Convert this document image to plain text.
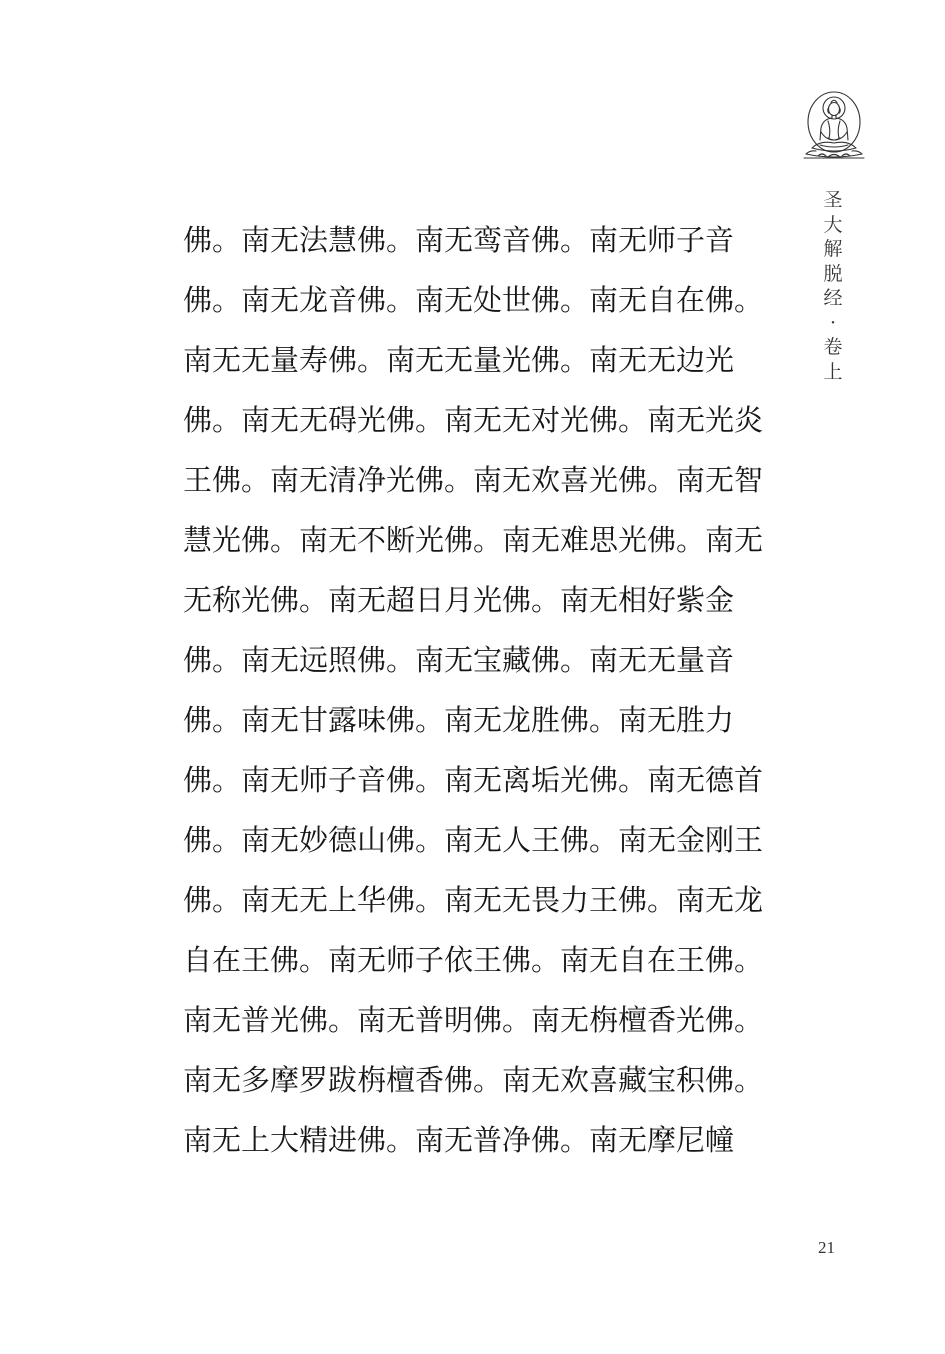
圣
大
解
脱
经
·
卷
上
佛。南无法慧佛。南无鸾音佛。南无师子音
佛。南无龙音佛。南无处世佛。南无自在佛。
南无无量寿佛。南无无量光佛。南无无边光
佛。南无无碍光佛。南无无对光佛。南无光炎
王佛。南无清净光佛。南无欢喜光佛。南无智
慧光佛。南无不断光佛。南无难思光佛。南无
无称光佛。南无超日月光佛。南无相好紫金
佛。南无远照佛。南无宝藏佛。南无无量音
佛。南无甘露味佛。南无龙胜佛。南无胜力
佛。南无师子音佛。南无离垢光佛。南无德首
佛。南无妙德山佛。南无人王佛。南无金刚王
佛。南无无上华佛。南无无畏力王佛。南无龙
自在王佛。南无师子依王佛。南无自在王佛。
南无普光佛。南无普明佛。南无栴檀香光佛。
南无多摩罗跋栴檀香佛。南无欢喜藏宝积佛。
南无上大精进佛。南无普净佛。南无摩尼幢
21
